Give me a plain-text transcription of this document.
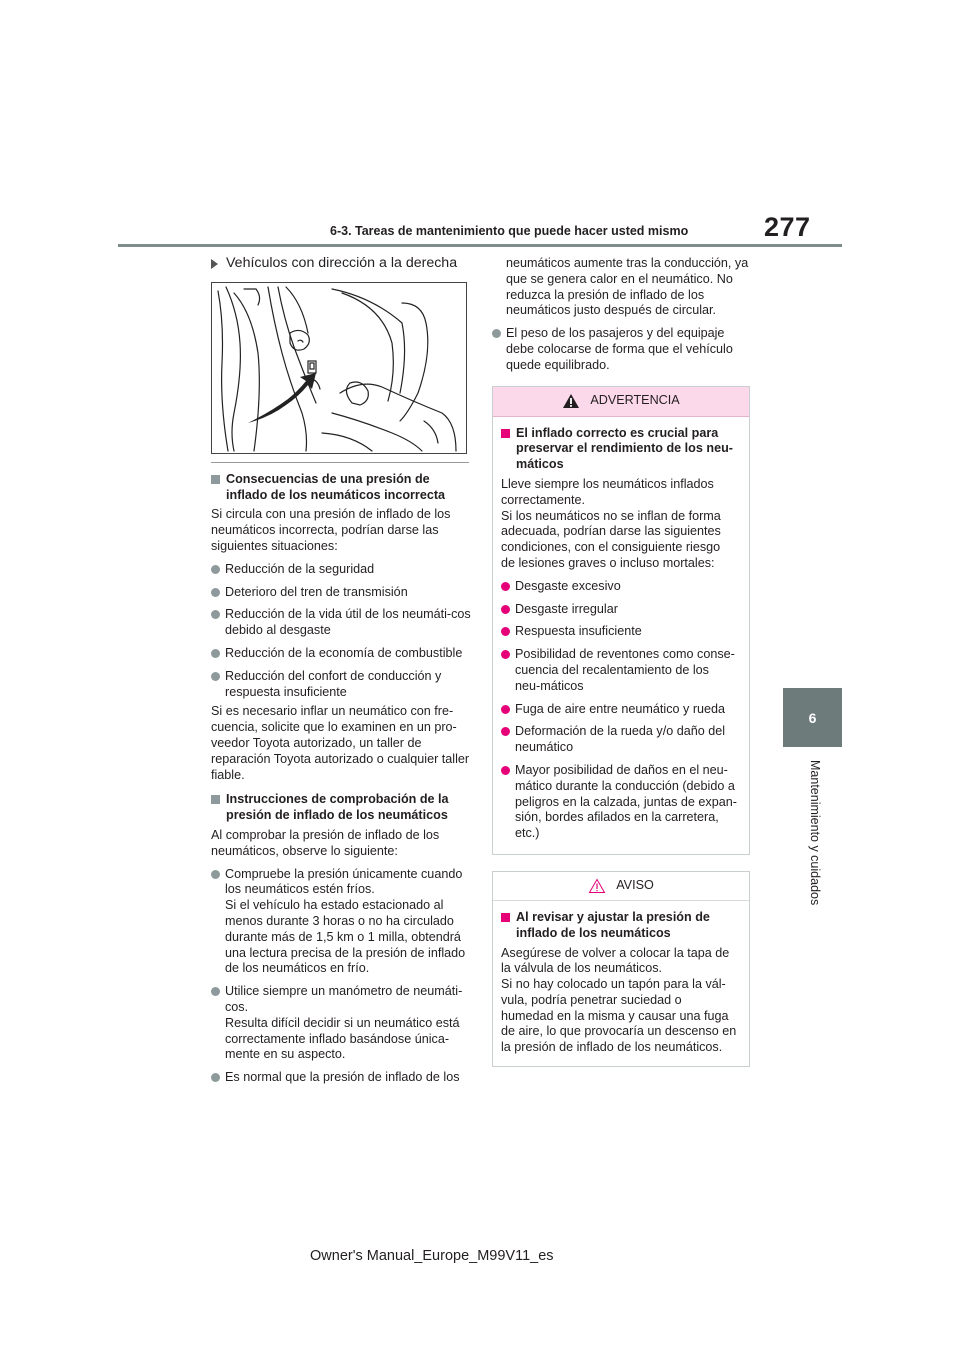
6-3. Tareas de mantenimiento que puede hacer usted mismo	277
6
Mantenimiento y cuidados
Vehículos con dirección a la derecha
Consecuencias de una presión de inflado de los neumáticos incorrecta

Si circula con una presión de inflado de los neumáticos incorrecta, podrían darse las siguientes situaciones:

Reducción de la seguridad
Deterioro del tren de transmisión
Reducción de la vida útil de los neumáti-cos debido al desgaste
Reducción de la economía de combustible
Reducción del confort de conducción y respuesta insuficiente

Si es necesario inflar un neumático con fre-cuencia, solicite que lo examinen en un pro-veedor Toyota autorizado, un taller de reparación Toyota autorizado o cualquier taller fiable.

Instrucciones de comprobación de la presión de inflado de los neumáticos

Al comprobar la presión de inflado de los neumáticos, observe lo siguiente:

Compruebe la presión únicamente cuando los neumáticos estén fríos.
Si el vehículo ha estado estacionado al menos durante 3 horas o no ha circulado durante más de 1,5 km o 1 milla, obtendrá una lectura precisa de la presión de inflado de los neumáticos en frío.
Utilice siempre un manómetro de neumáti-cos.
Resulta difícil decidir si un neumático está correctamente inflado basándose única-mente en su aspecto.
Es normal que la presión de inflado de los

neumáticos aumente tras la conducción, ya que se genera calor en el neumático. No reduzca la presión de inflado de los neumáticos justo después de circular.

El peso de los pasajeros y del equipaje debe colocarse de forma que el vehículo quede equilibrado.
ADVERTENCIA
El inflado correcto es crucial para preservar el rendimiento de los neu-máticos

Lleve siempre los neumáticos inflados correctamente.
Si los neumáticos no se inflan de forma adecuada, podrían darse las siguientes condiciones, con el consiguiente riesgo de lesiones graves o incluso mortales:

Desgaste excesivo
Desgaste irregular
Respuesta insuficiente
Posibilidad de reventones como conse-cuencia del recalentamiento de los neu-máticos
Fuga de aire entre neumático y rueda
Deformación de la rueda y/o daño del neumático
Mayor posibilidad de daños en el neu-mático durante la conducción (debido a peligros en la calzada, juntas de expan-sión, bordes afilados en la carretera, etc.)
AVISO
Al revisar y ajustar la presión de inflado de los neumáticos

Asegúrese de volver a colocar la tapa de la válvula de los neumáticos.
Si no hay colocado un tapón para la vál-vula, podría penetrar suciedad o humedad en la misma y causar una fuga de aire, lo que provocaría un descenso en la presión de inflado de los neumáticos.

Owner's Manual_Europe_M99V11_es
